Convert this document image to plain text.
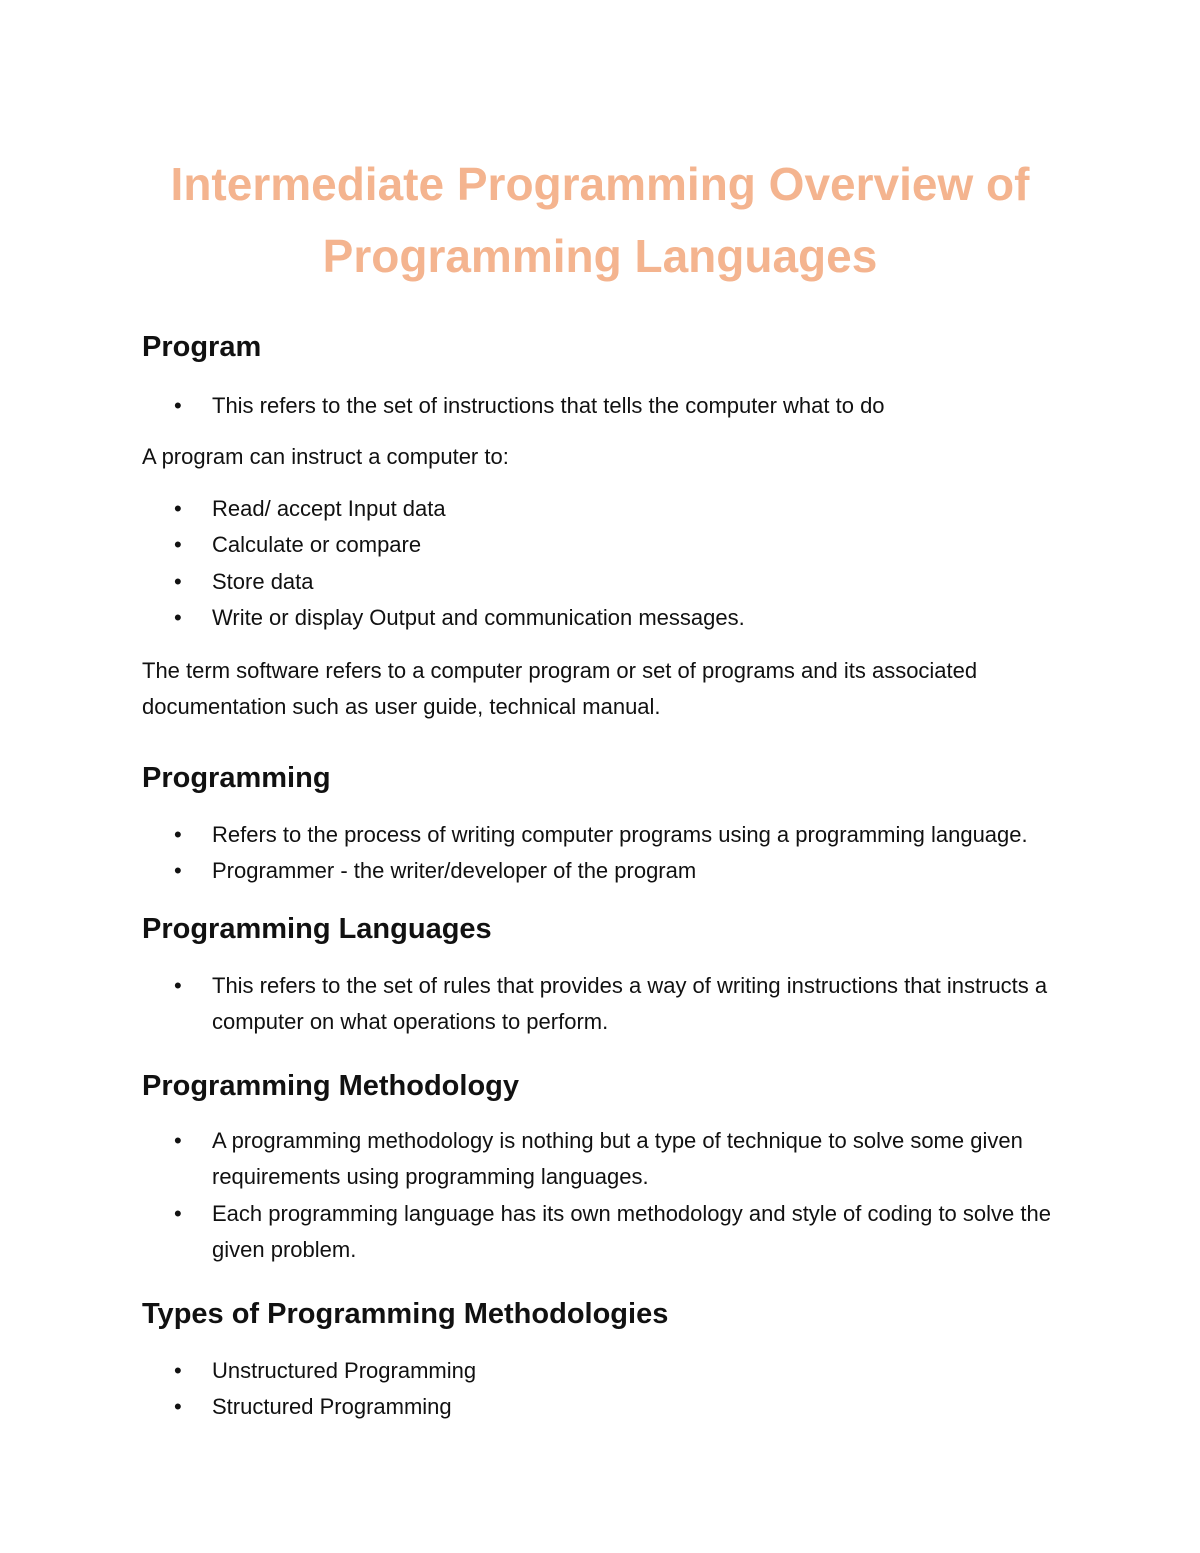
Intermediate Programming Overview of Programming Languages
Program
• This refers to the set of instructions that tells the computer what to do

A program can instruct a computer to:

• Read/ accept Input data
• Calculate or compare
• Store data
• Write or display Output and communication messages.

The term software refers to a computer program or set of programs and its associated documentation such as user guide, technical manual.

Programming
• Refers to the process of writing computer programs using a programming language.
• Programmer - the writer/developer of the program
Programming Languages
• This refers to the set of rules that provides a way of writing instructions that instructs a computer on what operations to perform.
Programming Methodology
• A programming methodology is nothing but a type of technique to solve some given requirements using programming languages.
• Each programming language has its own methodology and style of coding to solve the given problem.
Types of Programming Methodologies
• Unstructured Programming
• Structured Programming
